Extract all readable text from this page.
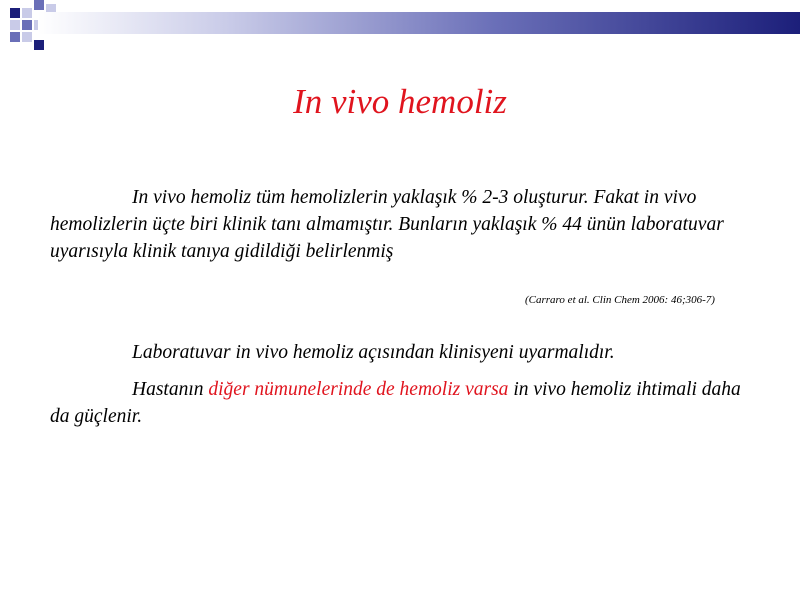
In vivo hemoliz
In vivo hemoliz tüm hemolizlerin yaklaşık % 2-3 oluşturur. Fakat in vivo hemolizlerin üçte biri klinik tanı almamıştır. Bunların yaklaşık % 44 ünün laboratuvar uyarısıyla klinik tanıya gidildiği belirlenmiş
(Carraro et al. Clin Chem 2006: 46;306-7)
Laboratuvar in vivo hemoliz açısından klinisyeni uyarmalıdır.
Hastanın diğer nümunelerinde de hemoliz varsa in vivo hemoliz ihtimali daha da güçlenir.
